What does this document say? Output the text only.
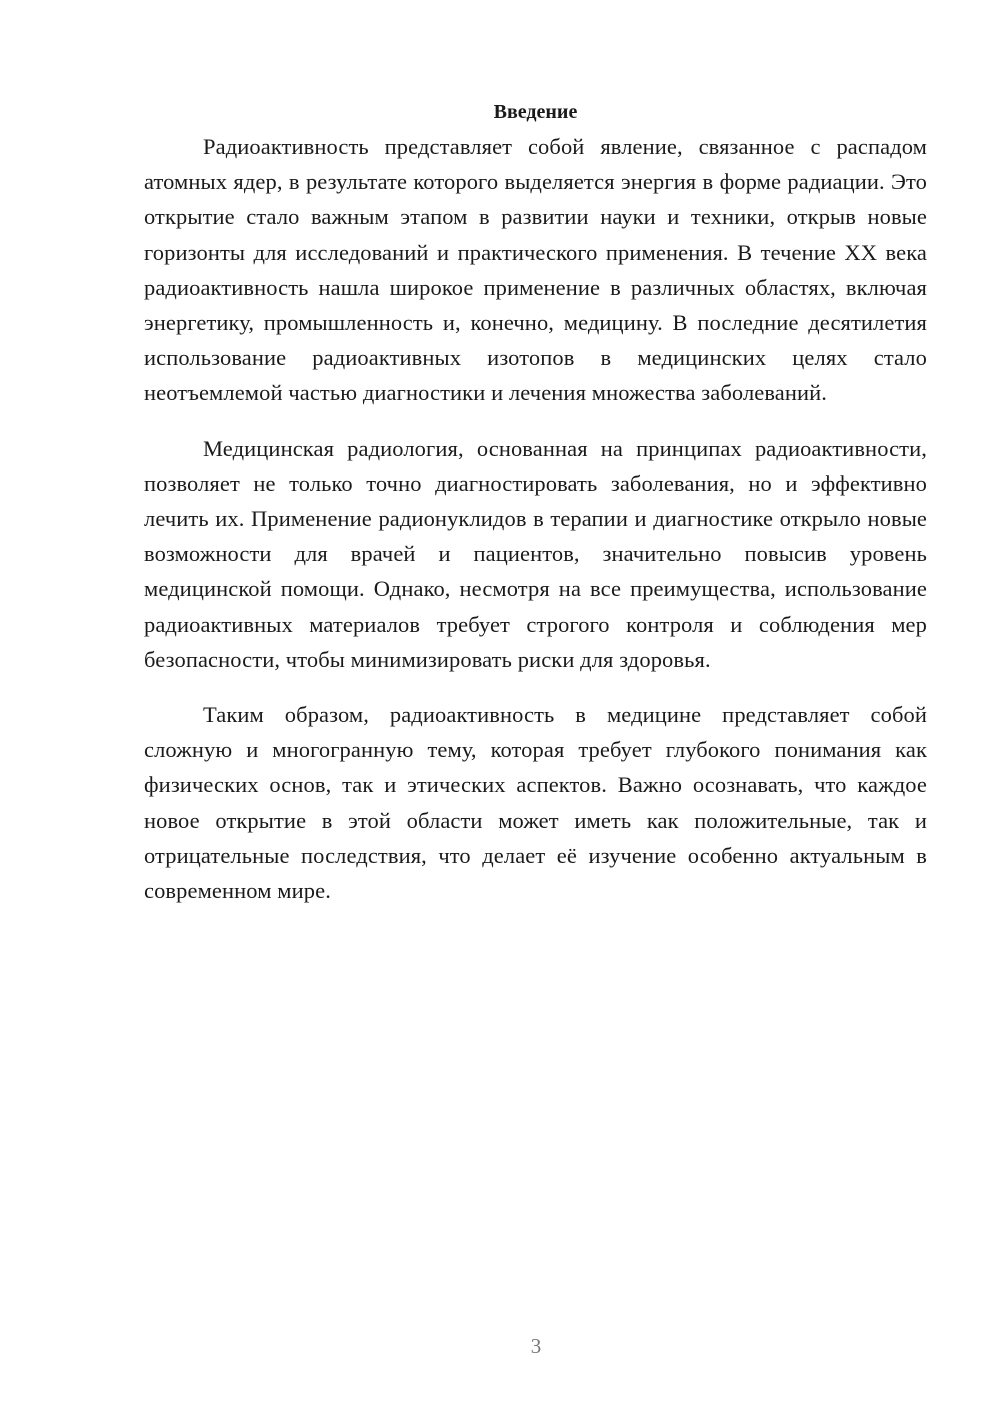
Введение

Радиоактивность представляет собой явление, связанное с распадом атомных ядер, в результате которого выделяется энергия в форме радиации. Это открытие стало важным этапом в развитии науки и техники, открыв новые горизонты для исследований и практического применения. В течение XX века радиоактивность нашла широкое применение в различных областях, включая энергетику, промышленность и, конечно, медицину. В последние десятилетия использование радиоактивных изотопов в медицинских целях стало неотъемлемой частью диагностики и лечения множества заболеваний.

Медицинская радиология, основанная на принципах радиоактивности, позволяет не только точно диагностировать заболевания, но и эффективно лечить их. Применение радионуклидов в терапии и диагностике открыло новые возможности для врачей и пациентов, значительно повысив уровень медицинской помощи. Однако, несмотря на все преимущества, использование радиоактивных материалов требует строгого контроля и соблюдения мер безопасности, чтобы минимизировать риски для здоровья.

Таким образом, радиоактивность в медицине представляет собой сложную и многогранную тему, которая требует глубокого понимания как физических основ, так и этических аспектов. Важно осознавать, что каждое новое открытие в этой области может иметь как положительные, так и отрицательные последствия, что делает её изучение особенно актуальным в современном мире.

3
